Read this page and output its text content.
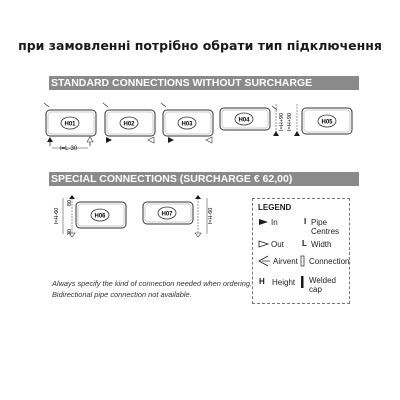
при замовленні потрібно обрати тип підключення
STANDARD CONNECTIONS WITHOUT SURCHARGE
SPECIAL CONNECTIONS (SURCHARGE € 62,00)
H01
I=L-30
H02	H03
H04	I=H+90	H05
I=H+90
H06
I=H-60
80
30
H07	I=H-60
Always specify the kind of connection needed when ordering.
Bidirectional pipe connection not available.
LEGEND
In	I Pipe Centres
Out L Width
Airvent Connection
H Height Welded cap
